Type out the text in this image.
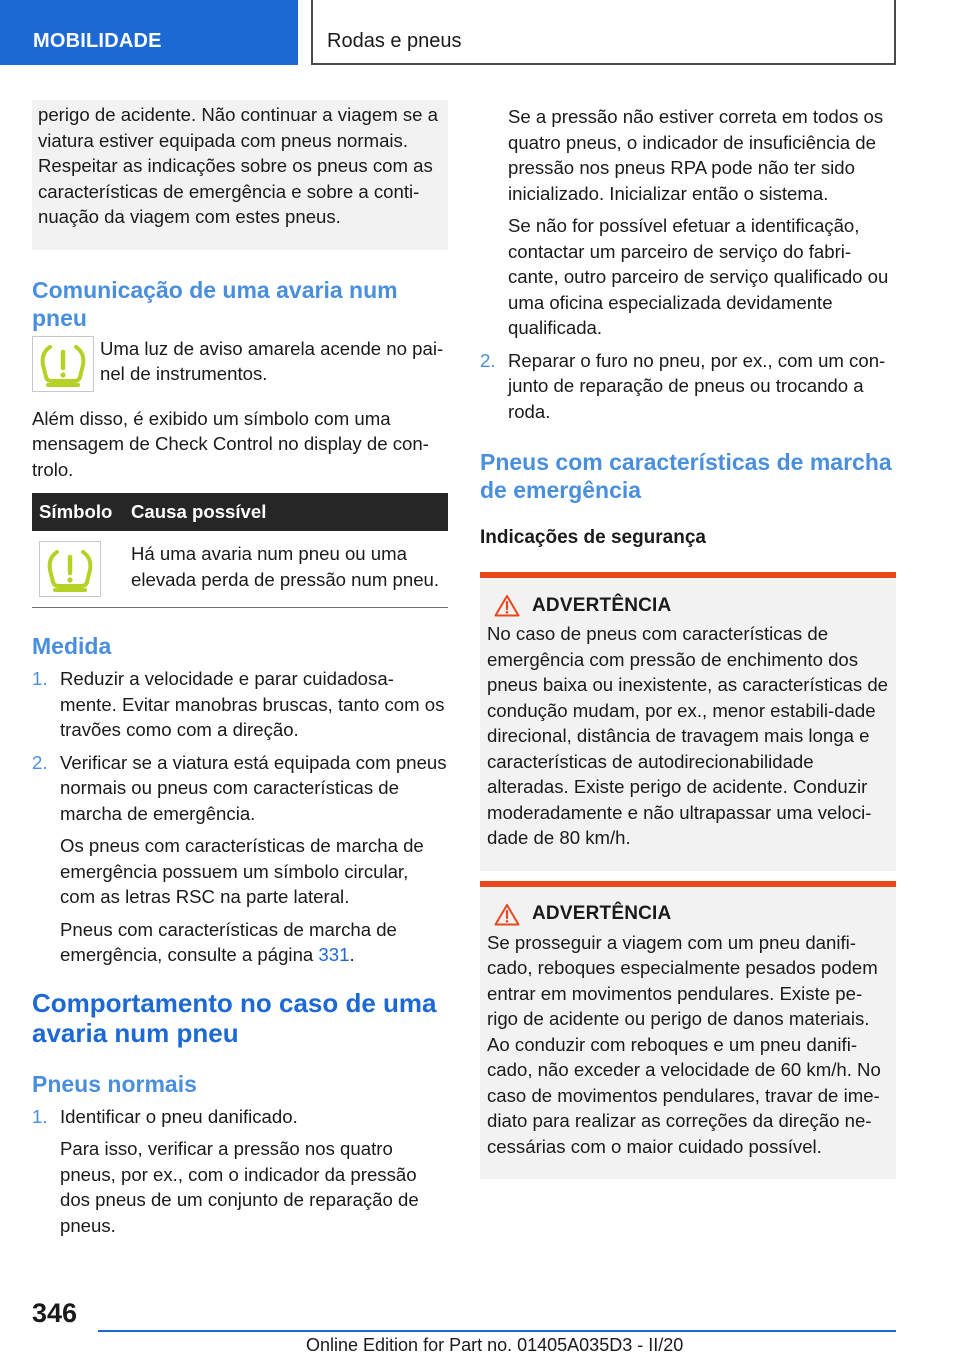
MOBILIDADE	Rodas e pneus

perigo de acidente. Não continuar a viagem se a viatura estiver equipada com pneus normais. Respeitar as indicações sobre os pneus com as características de emergência e sobre a conti‐nuação da viagem com estes pneus.

Comunicação de uma avaria num pneu

Uma luz de aviso amarela acende no pai‐nel de instrumentos.

Além disso, é exibido um símbolo com uma mensagem de Check Control no display de con‐trolo.

Símbolo	Causa possível

	Há uma avaria num pneu ou uma elevada perda de pressão num pneu.
Medida
1. Reduzir a velocidade e parar cuidadosa‐mente. Evitar manobras bruscas, tanto com os travões como com a direção.
2. Verificar se a viatura está equipada com pneus normais ou pneus com características de marcha de emergência.

Os pneus com características de marcha de emergência possuem um símbolo circular, com as letras RSC na parte lateral.

Pneus com características de marcha de emergência, consulte a página 331.

Comportamento no caso de uma avaria num pneu
Pneus normais
1. Identificar o pneu danificado.

Para isso, verificar a pressão nos quatro pneus, por ex., com o indicador da pressão dos pneus de um conjunto de reparação de pneus.

Se a pressão não estiver correta em todos os quatro pneus, o indicador de insuficiência de pressão nos pneus RPA pode não ter sido inicializado. Inicializar então o sistema.

Se não for possível efetuar a identificação, contactar um parceiro de serviço do fabri‐cante, outro parceiro de serviço qualificado ou uma oficina especializada devidamente qualificada.

2. Reparar o furo no pneu, por ex., com um con‐junto de reparação de pneus ou trocando a roda.
Pneus com características de marcha de emergência
Indicações de segurança
ADVERTÊNCIA

No caso de pneus com características de emergência com pressão de enchimento dos pneus baixa ou inexistente, as características de condução mudam, por ex., menor estabili‐dade direcional, distância de travagem mais longa e características de autodirecionabilidade alteradas. Existe perigo de acidente. Conduzir moderadamente e não ultrapassar uma veloci‐dade de 80 km/h.

ADVERTÊNCIA

Se prosseguir a viagem com um pneu danifi‐cado, reboques especialmente pesados podem entrar em movimentos pendulares. Existe pe‐rigo de acidente ou perigo de danos materiais. Ao conduzir com reboques e um pneu danifi‐cado, não exceder a velocidade de 60 km/h. No caso de movimentos pendulares, travar de ime‐diato para realizar as correções da direção ne‐cessárias com o maior cuidado possível.

346
Online Edition for Part no. 01405A035D3 - II/20
